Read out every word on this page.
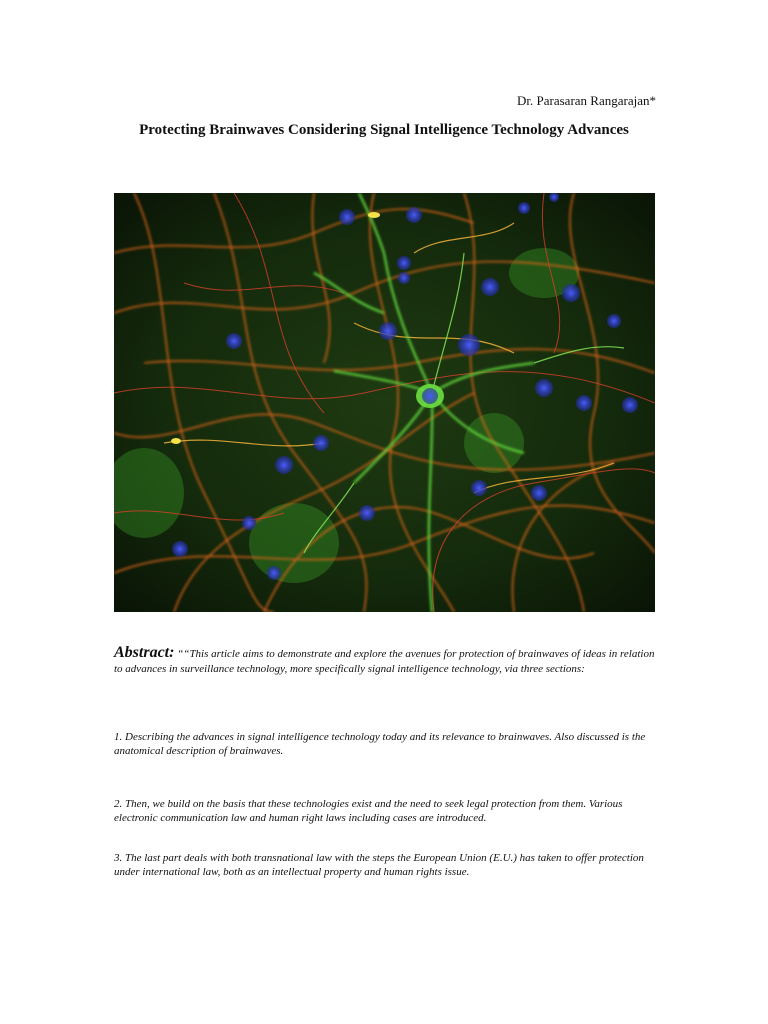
Dr. Parasaran Rangarajan*
Protecting Brainwaves Considering Signal Intelligence Technology Advances
Abstract: ““This article aims to demonstrate and explore the avenues for protection of brainwaves of ideas in relation to advances in surveillance technology, more specifically signal intelligence technology, via three sections:
1. Describing the advances in signal intelligence technology today and its relevance to brainwaves. Also discussed is the anatomical description of brainwaves.
2. Then, we build on the basis that these technologies exist and the need to seek legal protection from them. Various electronic communication law and human right laws including cases are introduced.
3. The last part deals with both transnational law with the steps the European Union (E.U.) has taken to offer protection under international law, both as an intellectual property and human rights issue.
